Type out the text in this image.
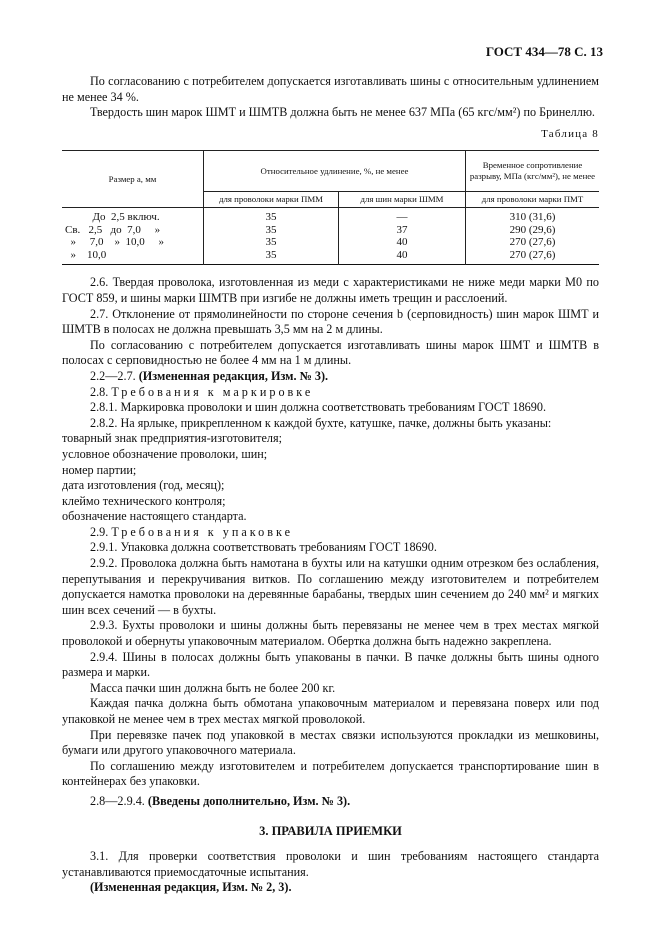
ГОСТ 434—78 С. 13

По согласованию с потребителем допускается изготавливать шины с относительным удлинением не менее 34 %.

Твердость шин марок ШМТ и ШМТВ должна быть не менее 637 МПа (65 кгс/мм²) по Бринеллю.

Таблица 8
Размер а, мм	Относительное удлинение, %, не менее		Временное сопротивление разрыву, МПа (кгс/мм²), не менее
	для проволоки марки ПММ	для шин марки ШММ	для проволоки марки ПМТ
До  2,5 включ.	35	—	310 (31,6)
Св.   2,5   до  7,0     »	35	37	290 (29,6)
»     7,0    »  10,0     »	35	40	270 (27,6)
»    10,0	35	40	270 (27,6)

2.6. Твердая проволока, изготовленная из меди с характеристиками не ниже меди марки М0 по ГОСТ 859, и шины марки ШМТВ при изгибе не должны иметь трещин и расслоений.

2.7. Отклонение от прямолинейности по стороне сечения b (серповидность) шин марок ШМТ и ШМТВ в полосах не должна превышать 3,5 мм на 2 м длины.

По согласованию с потребителем допускается изготавливать шины марок ШМТ и ШМТВ в полосах с серповидностью не более 4 мм на 1 м длины.

2.2—2.7. (Измененная редакция, Изм. № 3).

2.8. Требования к маркировке

2.8.1. Маркировка проволоки и шин должна соответствовать требованиям ГОСТ 18690.

2.8.2. На ярлыке, прикрепленном к каждой бухте, катушке, пачке, должны быть указаны:

товарный знак предприятия-изготовителя;

условное обозначение проволоки, шин;

номер партии;

дата изготовления (год, месяц);

клеймо технического контроля;

обозначение настоящего стандарта.

2.9. Требования к упаковке

2.9.1. Упаковка должна соответствовать требованиям ГОСТ 18690.

2.9.2. Проволока должна быть намотана в бухты или на катушки одним отрезком без ослабления, перепутывания и перекручивания витков. По соглашению между изготовителем и потребителем допускается намотка проволоки на деревянные барабаны, твердых шин сечением до 240 мм² и мягких шин всех сечений — в бухты.

2.9.3. Бухты проволоки и шины должны быть перевязаны не менее чем в трех местах мягкой проволокой и обернуты упаковочным материалом. Обертка должна быть надежно закреплена.

2.9.4. Шины в полосах должны быть упакованы в пачки. В пачке должны быть шины одного размера и марки.

Масса пачки шин должна быть не более 200 кг.

Каждая пачка должна быть обмотана упаковочным материалом и перевязана поверх или под упаковкой не менее чем в трех местах мягкой проволокой.

При перевязке пачек под упаковкой в местах связки используются прокладки из мешковины, бумаги или другого упаковочного материала.

По соглашению между изготовителем и потребителем допускается транспортирование шин в контейнерах без упаковки.

2.8—2.9.4. (Введены дополнительно, Изм. № 3).

3. ПРАВИЛА ПРИЕМКИ

3.1. Для проверки соответствия проволоки и шин требованиям настоящего стандарта устанавливаются приемосдаточные испытания.

(Измененная редакция, Изм. № 2, 3).
